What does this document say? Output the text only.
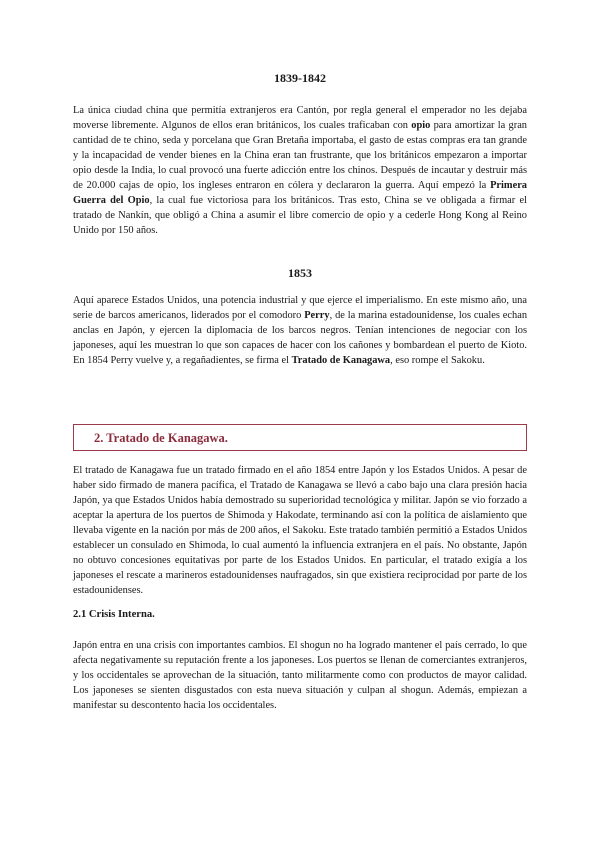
1839-1842

La única ciudad china que permitía extranjeros era Cantón, por regla general el emperador no les dejaba moverse libremente. Algunos de ellos eran británicos, los cuales traficaban con opio para amortizar la gran cantidad de te chino, seda y porcelana que Gran Bretaña importaba, el gasto de estas compras era tan grande y la incapacidad de vender bienes en la China eran tan frustrante, que los británicos empezaron a importar opio desde la India, lo cual provocó una fuerte adicción entre los chinos. Después de incautar y destruir más de 20.000 cajas de opio, los ingleses entraron en cólera y declararon la guerra. Aquí empezó la Primera Guerra del Opio, la cual fue victoriosa para los británicos. Tras esto, China se ve obligada a firmar el tratado de Nankín, que obligó a China a asumir el libre comercio de opio y a cederle Hong Kong al Reino Unido por 150 años.

1853

Aquí aparece Estados Unidos, una potencia industrial y que ejerce el imperialismo. En este mismo año, una serie de barcos americanos, liderados por el comodoro Perry, de la marina estadounidense, los cuales echan anclas en Japón, y ejercen la diplomacia de los barcos negros. Tenían intenciones de negociar con los japoneses, aquí les muestran lo que son capaces de hacer con los cañones y bombardean el puerto de Kioto. En 1854 Perry vuelve y, a regañadientes, se firma el Tratado de Kanagawa, eso rompe el Sakoku.

2. Tratado de Kanagawa.

El tratado de Kanagawa fue un tratado firmado en el año 1854 entre Japón y los Estados Unidos. A pesar de haber sido firmado de manera pacífica, el Tratado de Kanagawa se llevó a cabo bajo una clara presión hacia Japón, ya que Estados Unidos había demostrado su superioridad tecnológica y militar. Japón se vio forzado a aceptar la apertura de los puertos de Shimoda y Hakodate, terminando así con la política de aislamiento que llevaba vigente en la nación por más de 200 años, el Sakoku. Este tratado también permitió a Estados Unidos establecer un consulado en Shimoda, lo cual aumentó la influencia extranjera en el país. No obstante, Japón no obtuvo concesiones equitativas por parte de los Estados Unidos. En particular, el tratado exigía a los japoneses el rescate a marineros estadounidenses naufragados, sin que existiera reciprocidad por parte de los estadounidenses.

2.1 Crisis Interna.

Japón entra en una crisis con importantes cambios. El shogun no ha logrado mantener el país cerrado, lo que afecta negativamente su reputación frente a los japoneses. Los puertos se llenan de comerciantes extranjeros, y los occidentales se aprovechan de la situación, tanto militarmente como con productos de mayor calidad. Los japoneses se sienten disgustados con esta nueva situación y culpan al shogun. Además, empiezan a manifestar su descontento hacia los occidentales.
